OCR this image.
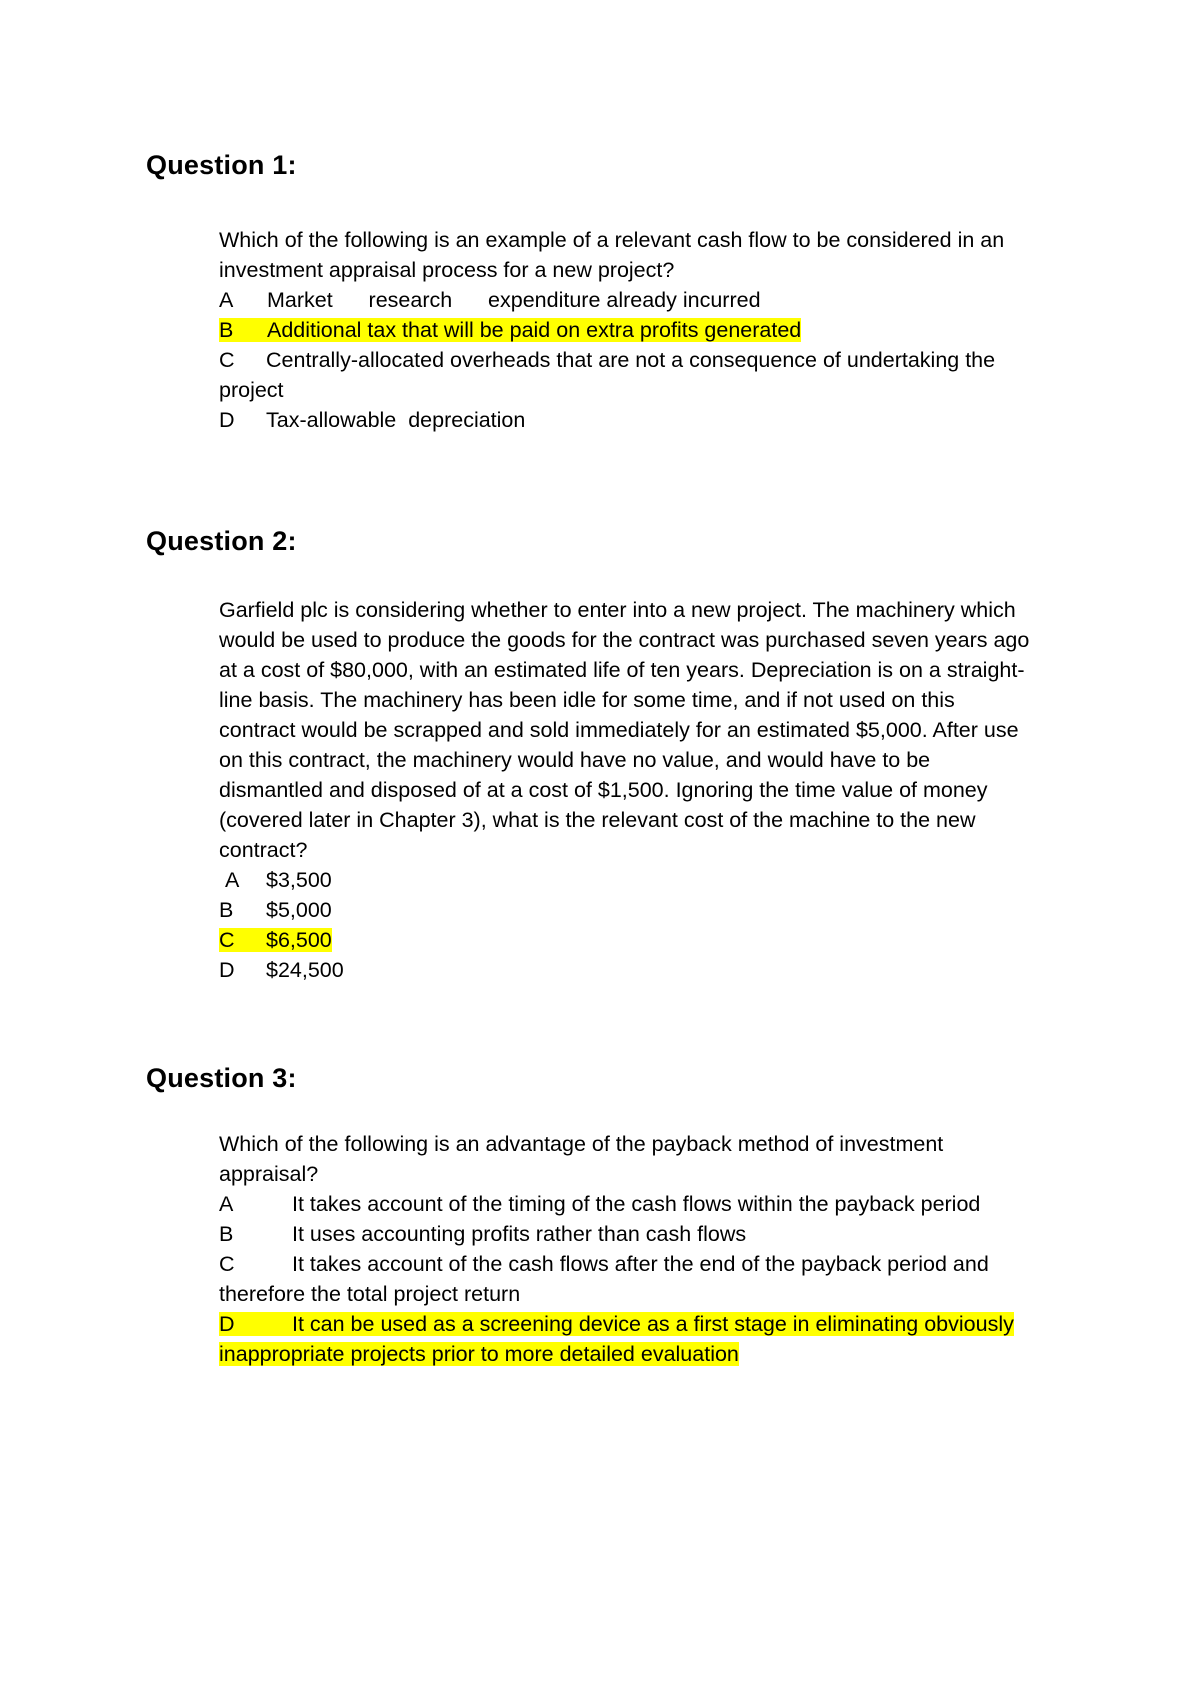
Question 1:
Which of the following is an example of a relevant cash flow to be considered in an
investment appraisal process for a new project?
A Market      research      expenditure already incurred
B Additional tax that will be paid on extra profits generated
C Centrally-allocated overheads that are not a consequence of undertaking the
project
D Tax-allowable  depreciation
Question 2:
Garfield plc is considering whether to enter into a new project. The machinery which
would be used to produce the goods for the contract was purchased seven years ago
at a cost of $80,000, with an estimated life of ten years. Depreciation is on a straight-
line basis. The machinery has been idle for some time, and if not used on this
contract would be scrapped and sold immediately for an estimated $5,000. After use
on this contract, the machinery would have no value, and would have to be
dismantled and disposed of at a cost of $1,500. Ignoring the time value of money
(covered later in Chapter 3), what is the relevant cost of the machine to the new
contract?
A $3,500
B $5,000
C $6,500
D $24,500
Question 3:
Which of the following is an advantage of the payback method of investment
appraisal?
A	It takes account of the timing of the cash flows within the payback period
B	It uses accounting profits rather than cash flows
C	It takes account of the cash flows after the end of the payback period and
therefore the total project return
D	It can be used as a screening device as a first stage in eliminating obviously
inappropriate projects prior to more detailed evaluation
